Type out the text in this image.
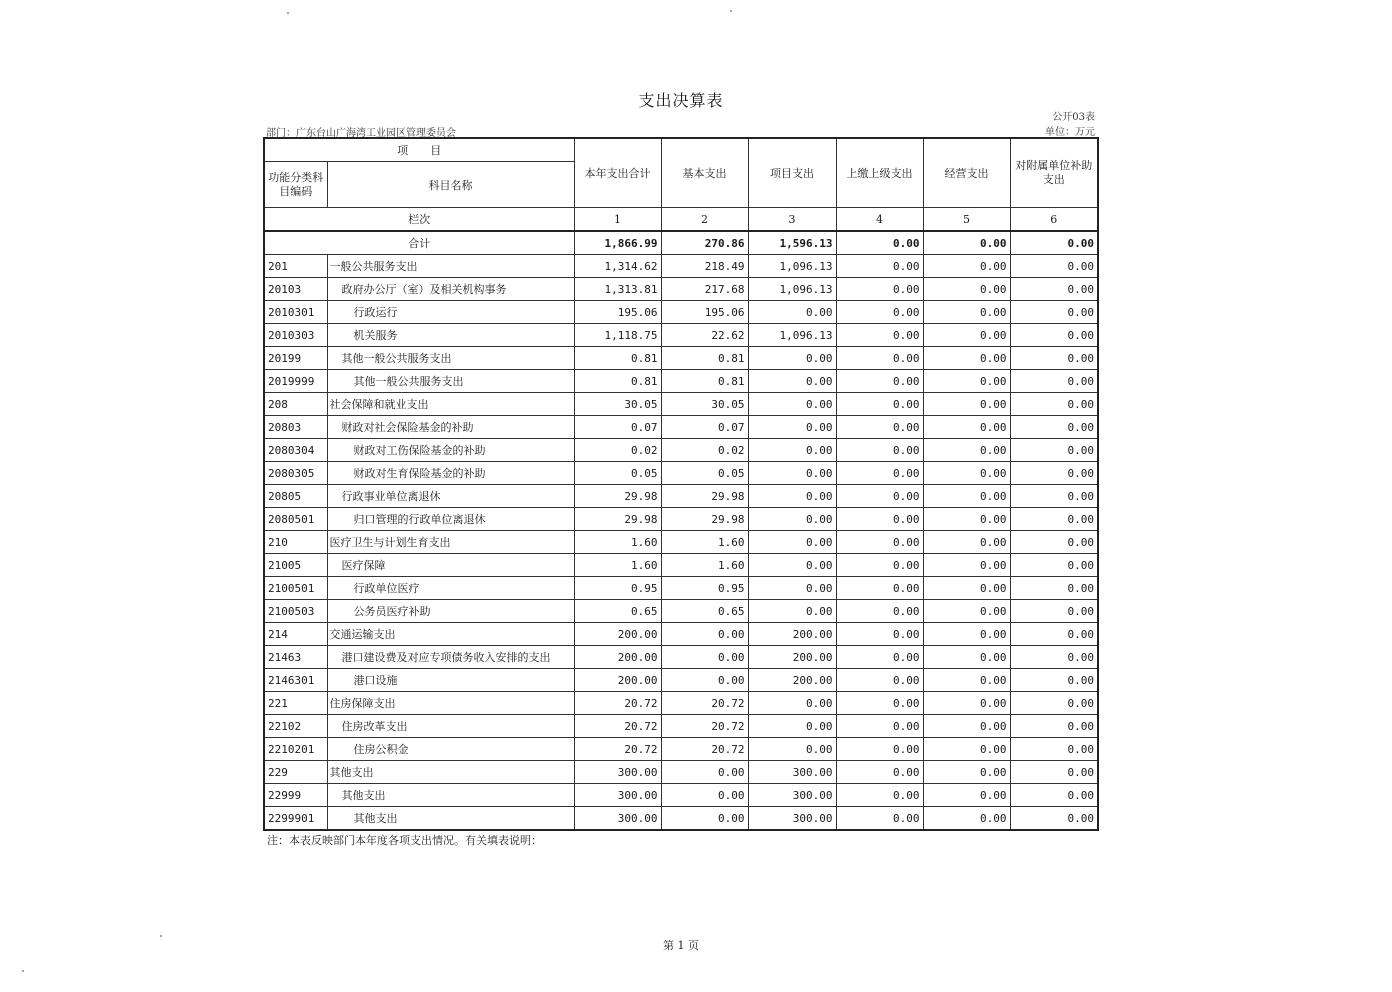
支出决算表
公开03表
单位：万元
部门：广东台山广海湾工业园区管理委员会
项　　目		本年支出合计	基本支出	项目支出	上缴上级支出	经营支出	对附属单位补助支出
功能分类科目编码	科目名称						
栏次		1	2	3	4	5	6
合计		1,866.99	270.86	1,596.13	0.00	0.00	0.00
201	一般公共服务支出	1,314.62	218.49	1,096.13	0.00	0.00	0.00
20103	政府办公厅（室）及相关机构事务	1,313.81	217.68	1,096.13	0.00	0.00	0.00
2010301	行政运行	195.06	195.06	0.00	0.00	0.00	0.00
2010303	机关服务	1,118.75	22.62	1,096.13	0.00	0.00	0.00
20199	其他一般公共服务支出	0.81	0.81	0.00	0.00	0.00	0.00
2019999	其他一般公共服务支出	0.81	0.81	0.00	0.00	0.00	0.00
208	社会保障和就业支出	30.05	30.05	0.00	0.00	0.00	0.00
20803	财政对社会保险基金的补助	0.07	0.07	0.00	0.00	0.00	0.00
2080304	财政对工伤保险基金的补助	0.02	0.02	0.00	0.00	0.00	0.00
2080305	财政对生育保险基金的补助	0.05	0.05	0.00	0.00	0.00	0.00
20805	行政事业单位离退休	29.98	29.98	0.00	0.00	0.00	0.00
2080501	归口管理的行政单位离退休	29.98	29.98	0.00	0.00	0.00	0.00
210	医疗卫生与计划生育支出	1.60	1.60	0.00	0.00	0.00	0.00
21005	医疗保障	1.60	1.60	0.00	0.00	0.00	0.00
2100501	行政单位医疗	0.95	0.95	0.00	0.00	0.00	0.00
2100503	公务员医疗补助	0.65	0.65	0.00	0.00	0.00	0.00
214	交通运输支出	200.00	0.00	200.00	0.00	0.00	0.00
21463	港口建设费及对应专项债务收入安排的支出	200.00	0.00	200.00	0.00	0.00	0.00
2146301	港口设施	200.00	0.00	200.00	0.00	0.00	0.00
221	住房保障支出	20.72	20.72	0.00	0.00	0.00	0.00
22102	住房改革支出	20.72	20.72	0.00	0.00	0.00	0.00
2210201	住房公积金	20.72	20.72	0.00	0.00	0.00	0.00
229	其他支出	300.00	0.00	300.00	0.00	0.00	0.00
22999	其他支出	300.00	0.00	300.00	0.00	0.00	0.00
2299901	其他支出	300.00	0.00	300.00	0.00	0.00	0.00
注：本表反映部门本年度各项支出情况。有关填表说明：
第 1 页
